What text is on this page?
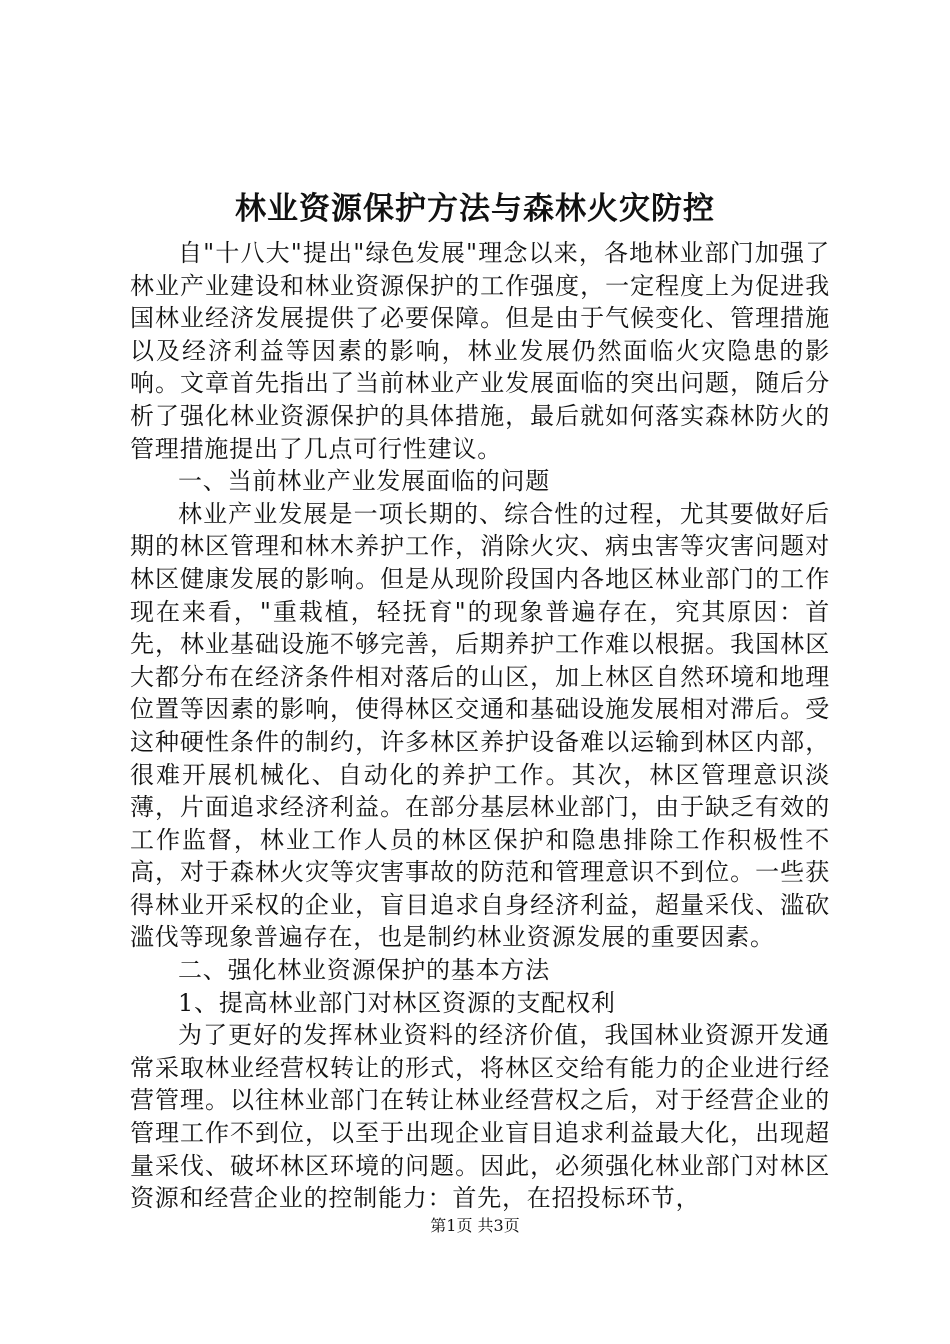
林业资源保护方法与森林火灾防控

自"十八大"提出"绿色发展"理念以来，各地林业部门加强了林业产业建设和林业资源保护的工作强度，一定程度上为促进我国林业经济发展提供了必要保障。但是由于气候变化、管理措施以及经济利益等因素的影响，林业发展仍然面临火灾隐患的影响。文章首先指出了当前林业产业发展面临的突出问题，随后分析了强化林业资源保护的具体措施，最后就如何落实森林防火的管理措施提出了几点可行性建议。

一、当前林业产业发展面临的问题

林业产业发展是一项长期的、综合性的过程，尤其要做好后期的林区管理和林木养护工作，消除火灾、病虫害等灾害问题对林区健康发展的影响。但是从现阶段国内各地区林业部门的工作现在来看，"重栽植，轻抚育"的现象普遍存在，究其原因：首先，林业基础设施不够完善，后期养护工作难以根据。我国林区大都分布在经济条件相对落后的山区，加上林区自然环境和地理位置等因素的影响，使得林区交通和基础设施发展相对滞后。受这种硬性条件的制约，许多林区养护设备难以运输到林区内部，很难开展机械化、自动化的养护工作。其次，林区管理意识淡薄，片面追求经济利益。在部分基层林业部门，由于缺乏有效的工作监督，林业工作人员的林区保护和隐患排除工作积极性不高，对于森林火灾等灾害事故的防范和管理意识不到位。一些获得林业开采权的企业，盲目追求自身经济利益，超量采伐、滥砍滥伐等现象普遍存在，也是制约林业资源发展的重要因素。

二、强化林业资源保护的基本方法

1、提高林业部门对林区资源的支配权利

为了更好的发挥林业资料的经济价值，我国林业资源开发通常采取林业经营权转让的形式，将林区交给有能力的企业进行经营管理。以往林业部门在转让林业经营权之后，对于经营企业的管理工作不到位，以至于出现企业盲目追求利益最大化，出现超量采伐、破坏林区环境的问题。因此，必须强化林业部门对林区资源和经营企业的控制能力：首先，在招投标环节，

第1页 共3页
